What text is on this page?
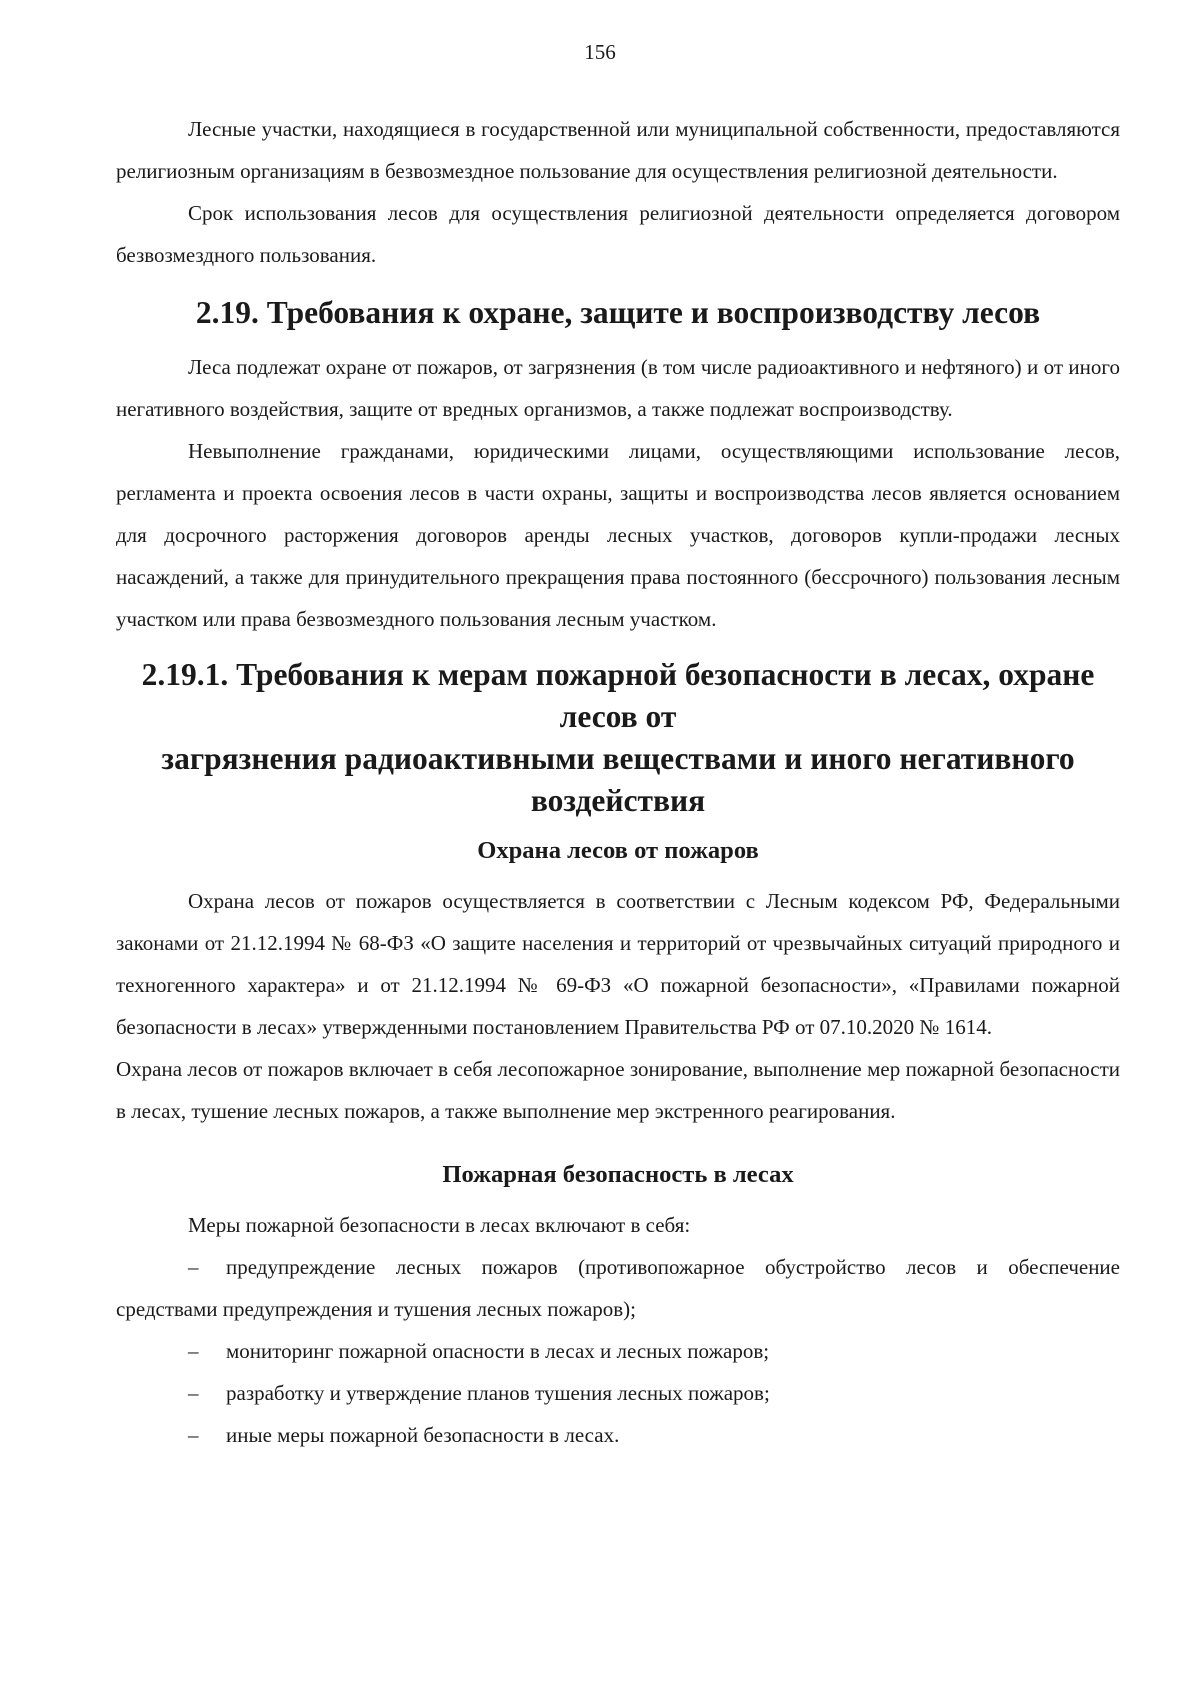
156

Лесные участки, находящиеся в государственной или муниципальной собственности, предоставляются религиозным организациям в безвозмездное пользование для осуществления религиозной деятельности.

Срок использования лесов для осуществления религиозной деятельности определяется договором безвозмездного пользования.

2.19. Требования к охране, защите и воспроизводству лесов

Леса подлежат охране от пожаров, от загрязнения (в том числе радиоактивного и нефтяного) и от иного негативного воздействия, защите от вредных организмов, а также подлежат воспроизводству.

Невыполнение гражданами, юридическими лицами, осуществляющими использование лесов, регламента и проекта освоения лесов в части охраны, защиты и воспроизводства лесов является основанием для досрочного расторжения договоров аренды лесных участков, договоров купли-продажи лесных насаждений, а также для принудительного прекращения права постоянного (бессрочного) пользования лесным участком или права безвозмездного пользования лесным участком.

2.19.1. Требования к мерам пожарной безопасности в лесах, охране лесов от
загрязнения радиоактивными веществами и иного негативного воздействия
Охрана лесов от пожаров

Охрана лесов от пожаров осуществляется в соответствии с Лесным кодексом РФ, Федеральными законами от 21.12.1994 № 68-ФЗ «О защите населения и территорий от чрезвычайных ситуаций природного и техногенного характера» и от 21.12.1994 № 69-ФЗ «О пожарной безопасности», «Правилами пожарной безопасности в лесах» утвержденными постановлением Правительства РФ от 07.10.2020 № 1614.

Охрана лесов от пожаров включает в себя лесопожарное зонирование, выполнение мер пожарной безопасности в лесах, тушение лесных пожаров, а также выполнение мер экстренного реагирования.

Пожарная безопасность в лесах

Меры пожарной безопасности в лесах включают в себя:

–	предупреждение лесных пожаров (противопожарное обустройство лесов и обеспечение средствами предупреждения и тушения лесных пожаров);
–	мониторинг пожарной опасности в лесах и лесных пожаров;
–	разработку и утверждение планов тушения лесных пожаров;
–	иные меры пожарной безопасности в лесах.
